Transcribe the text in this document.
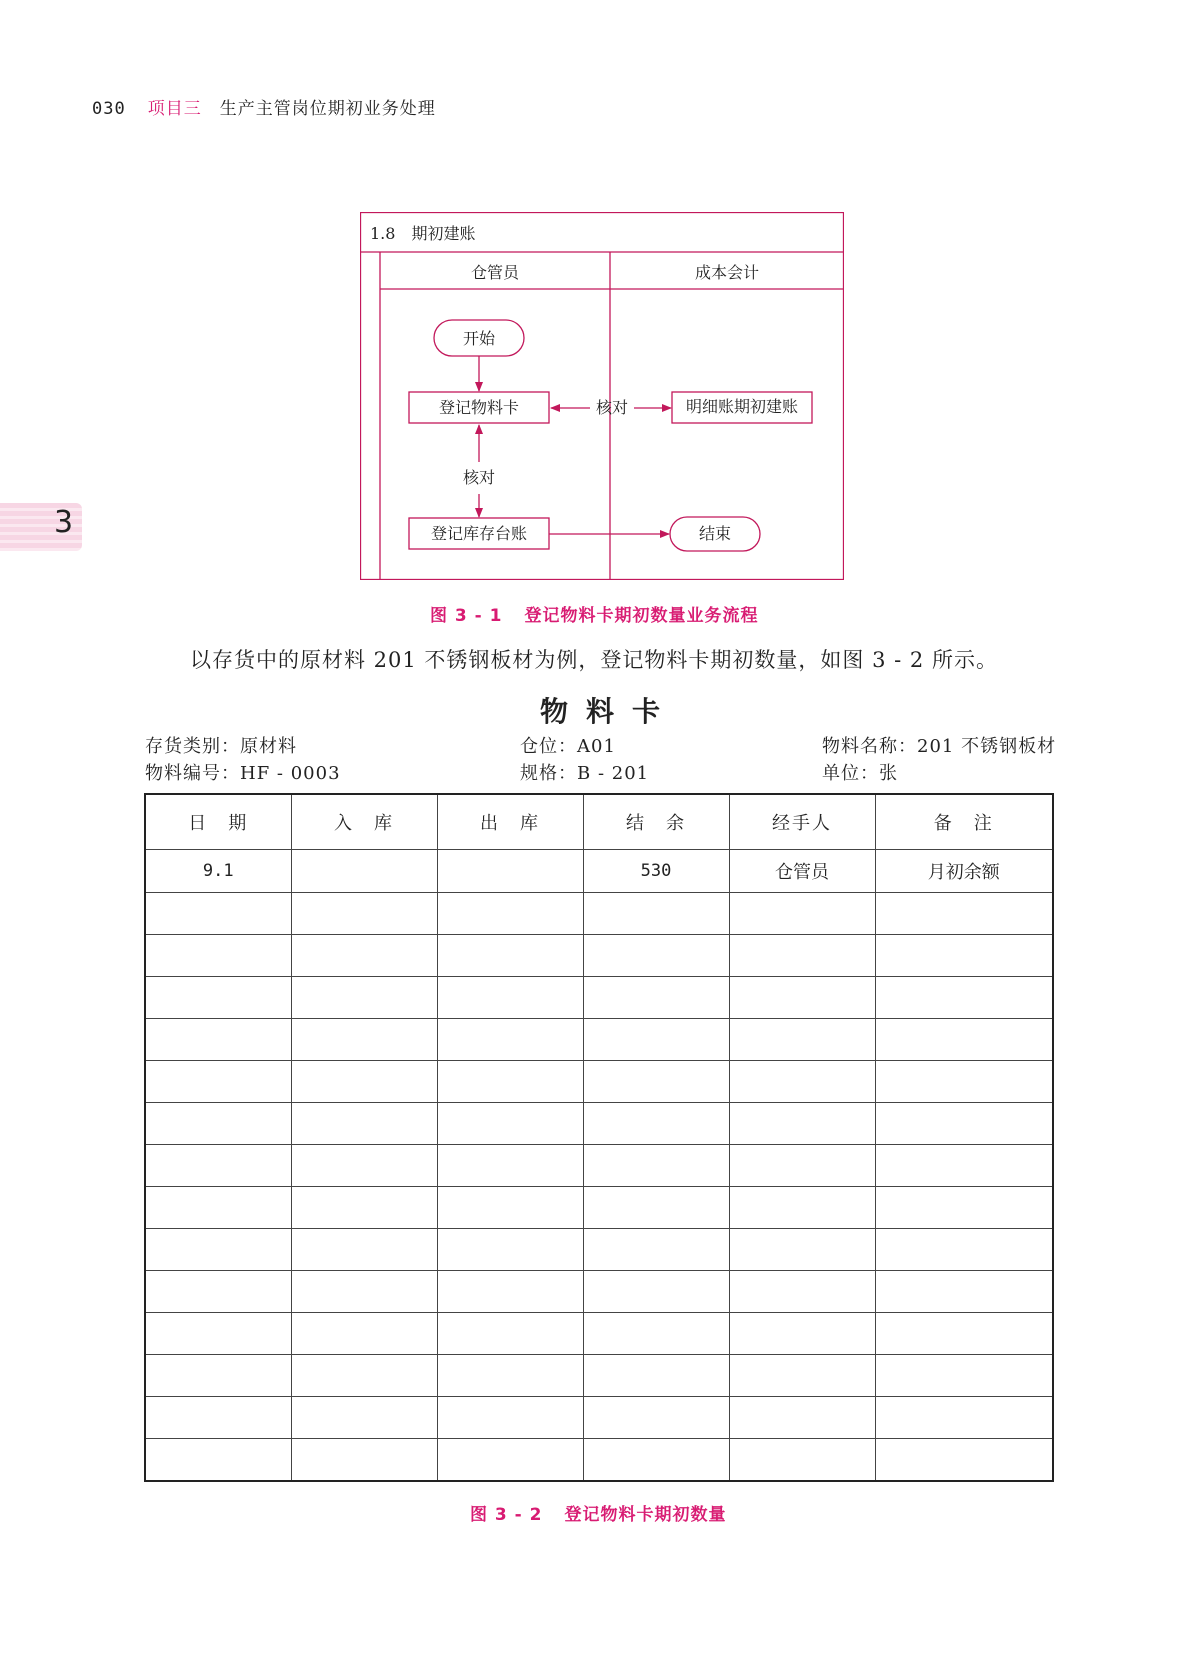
030 项目三 生产主管岗位期初业务处理
3
1.8　期初建账
仓管员	成本会计
开始
登记物料卡	核对	明细账期初建账
核对
登记库存台账	结束
图 3 - 1 登记物料卡期初数量业务流程
以存货中的原材料 201 不锈钢板材为例，登记物料卡期初数量，如图 3 - 2 所示。
物料卡
存货类别：原材料	仓位：A01	物料名称：201 不锈钢板材
物料编号：HF - 0003	规格：B - 201	单位：张
日　期	入　库	出　库	结　余	经手人	备　注
9.1			530	仓管员	月初余额

图 3 - 2 登记物料卡期初数量
